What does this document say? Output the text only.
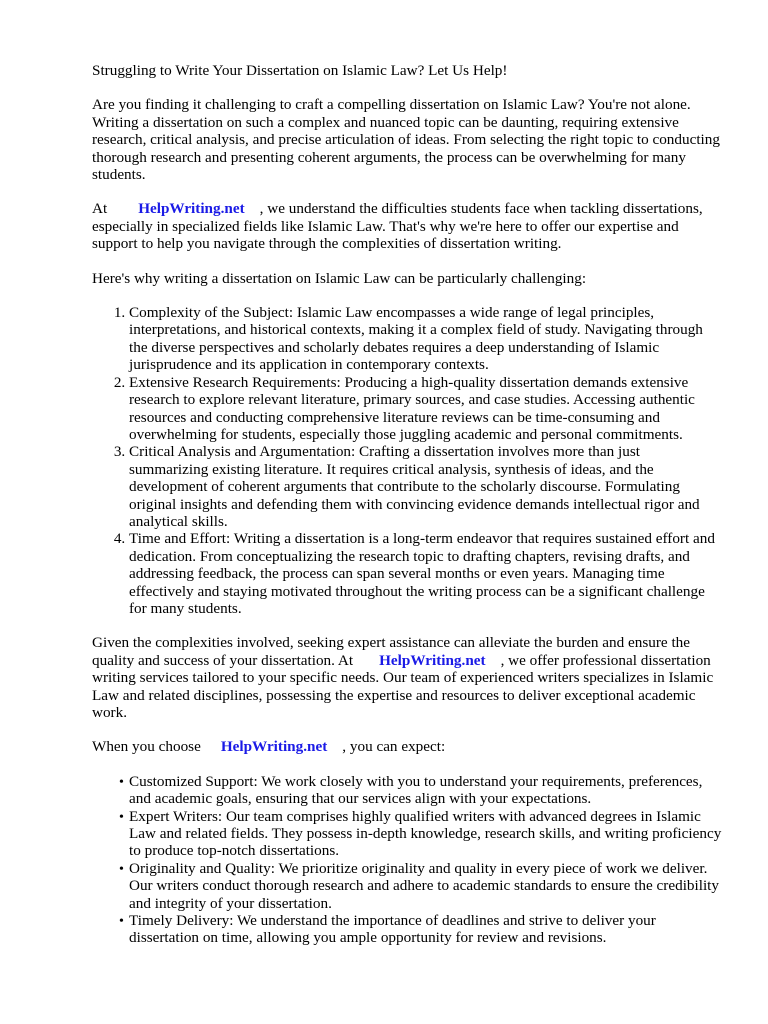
Struggling to Write Your Dissertation on Islamic Law? Let Us Help!

Are you finding it challenging to craft a compelling dissertation on Islamic Law? You're not alone. Writing a dissertation on such a complex and nuanced topic can be daunting, requiring extensive research, critical analysis, and precise articulation of ideas. From selecting the right topic to conducting thorough research and presenting coherent arguments, the process can be overwhelming for many students.

At HelpWriting.net , we understand the difficulties students face when tackling dissertations, especially in specialized fields like Islamic Law. That's why we're here to offer our expertise and support to help you navigate through the complexities of dissertation writing.

Here's why writing a dissertation on Islamic Law can be particularly challenging:

1. Complexity of the Subject: Islamic Law encompasses a wide range of legal principles, interpretations, and historical contexts, making it a complex field of study. Navigating through the diverse perspectives and scholarly debates requires a deep understanding of Islamic jurisprudence and its application in contemporary contexts.
2. Extensive Research Requirements: Producing a high-quality dissertation demands extensive research to explore relevant literature, primary sources, and case studies. Accessing authentic resources and conducting comprehensive literature reviews can be time-consuming and overwhelming for students, especially those juggling academic and personal commitments.
3. Critical Analysis and Argumentation: Crafting a dissertation involves more than just summarizing existing literature. It requires critical analysis, synthesis of ideas, and the development of coherent arguments that contribute to the scholarly discourse. Formulating original insights and defending them with convincing evidence demands intellectual rigor and analytical skills.
4. Time and Effort: Writing a dissertation is a long-term endeavor that requires sustained effort and dedication. From conceptualizing the research topic to drafting chapters, revising drafts, and addressing feedback, the process can span several months or even years. Managing time effectively and staying motivated throughout the writing process can be a significant challenge for many students.

Given the complexities involved, seeking expert assistance can alleviate the burden and ensure the quality and success of your dissertation. At HelpWriting.net , we offer professional dissertation writing services tailored to your specific needs. Our team of experienced writers specializes in Islamic Law and related disciplines, possessing the expertise and resources to deliver exceptional academic work.

When you choose HelpWriting.net , you can expect:

• Customized Support: We work closely with you to understand your requirements, preferences, and academic goals, ensuring that our services align with your expectations.
• Expert Writers: Our team comprises highly qualified writers with advanced degrees in Islamic Law and related fields. They possess in-depth knowledge, research skills, and writing proficiency to produce top-notch dissertations.
• Originality and Quality: We prioritize originality and quality in every piece of work we deliver. Our writers conduct thorough research and adhere to academic standards to ensure the credibility and integrity of your dissertation.
• Timely Delivery: We understand the importance of deadlines and strive to deliver your dissertation on time, allowing you ample opportunity for review and revisions.
